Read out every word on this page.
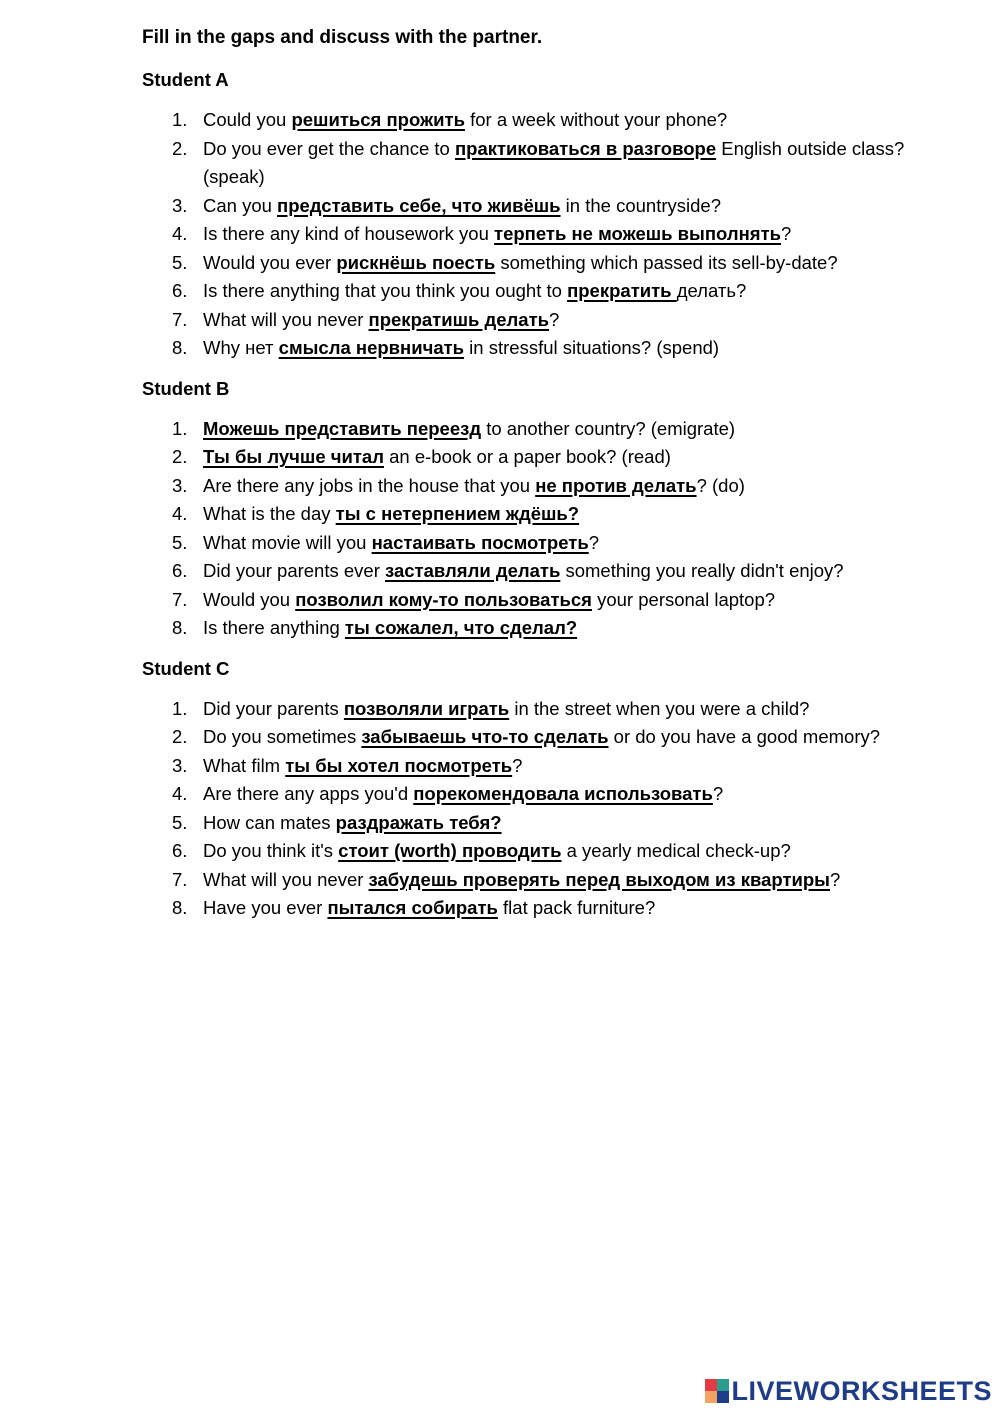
Fill in the gaps and discuss with the partner.
Student A
1. Could you решиться прожить for a week without your phone?
2. Do you ever get the chance to практиковаться в разговоре English outside class? (speak)
3. Can you представить себе, что живёшь in the countryside?
4. Is there any kind of housework you терпеть не можешь выполнять?
5. Would you ever рискнёшь поесть something which passed its sell-by-date?
6. Is there anything that you think you ought to прекратить делать?
7. What will you never прекратишь делать?
8. Why нет смысла нервничать in stressful situations? (spend)
Student B
1. Можешь представить переезд to another country? (emigrate)
2. Ты бы лучше читал an e-book or a paper book? (read)
3. Are there any jobs in the house that you не против делать? (do)
4. What is the day ты с нетерпением ждёшь?
5. What movie will you настаивать посмотреть?
6. Did your parents ever заставляли делать something you really didn't enjoy?
7. Would you позволил кому-то пользоваться your personal laptop?
8. Is there anything ты сожалел, что сделал?
Student C
1. Did your parents позволяли играть in the street when you were a child?
2. Do you sometimes забываешь что-то сделать or do you have a good memory?
3. What film ты бы хотел посмотреть?
4. Are there any apps you'd порекомендовала использовать?
5. How can mates раздражать тебя?
6. Do you think it's стоит (worth) проводить a yearly medical check-up?
7. What will you never забудешь проверять перед выходом из квартиры?
8. Have you ever пытался собирать flat pack furniture?
LIVEWORKSHEETS
